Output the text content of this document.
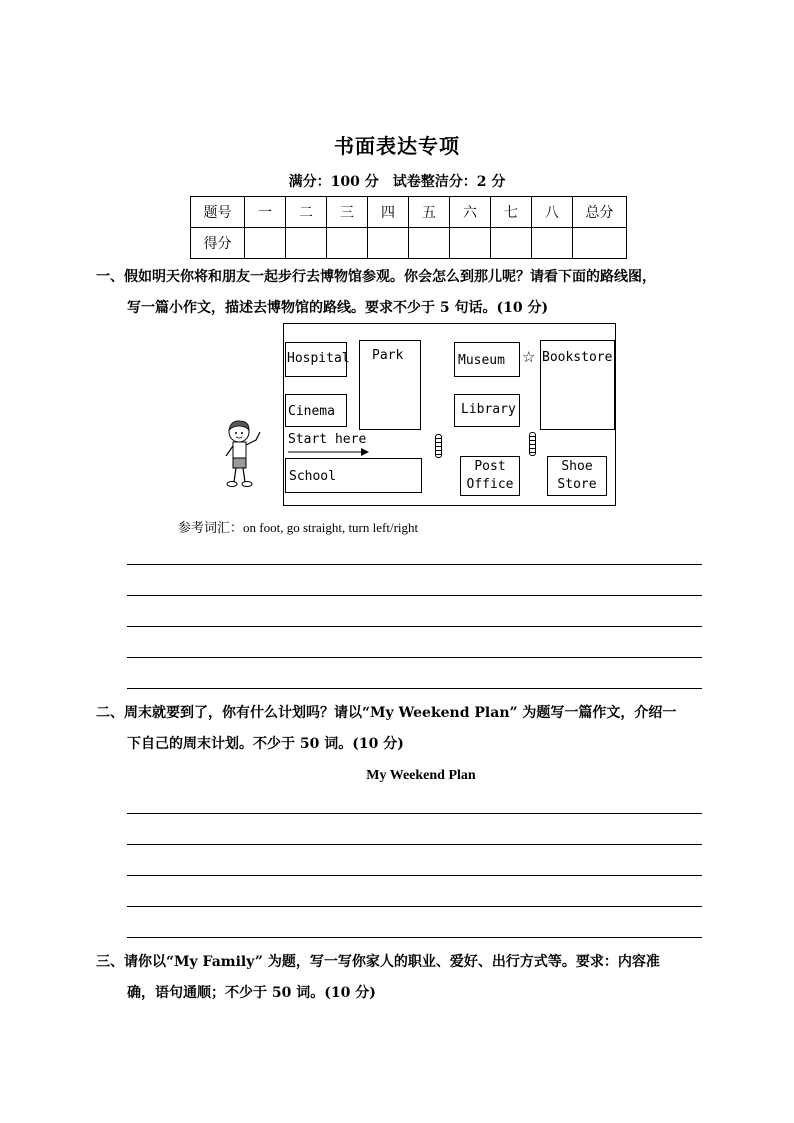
书面表达专项
满分：100 分　试卷整洁分：2 分
题号	一	二	三	四	五	六	七	八	总分
得分									
一、假如明天你将和朋友一起步行去博物馆参观。你会怎么到那儿呢？请看下面的路线图，
写一篇小作文，描述去博物馆的路线。要求不少于 5 句话。(10 分)
Hospital	Park	Museum	☆ Bookstore
Cinema	Library
Start here
School
Post
Office
Shoe
Store
参考词汇：on foot, go straight, turn left/right
二、周末就要到了，你有什么计划吗？请以“My Weekend Plan” 为题写一篇作文，介绍一
下自己的周末计划。不少于 50 词。(10 分)
My Weekend Plan
三、请你以“My Family” 为题，写一写你家人的职业、爱好、出行方式等。要求：内容准
确，语句通顺；不少于 50 词。(10 分)
